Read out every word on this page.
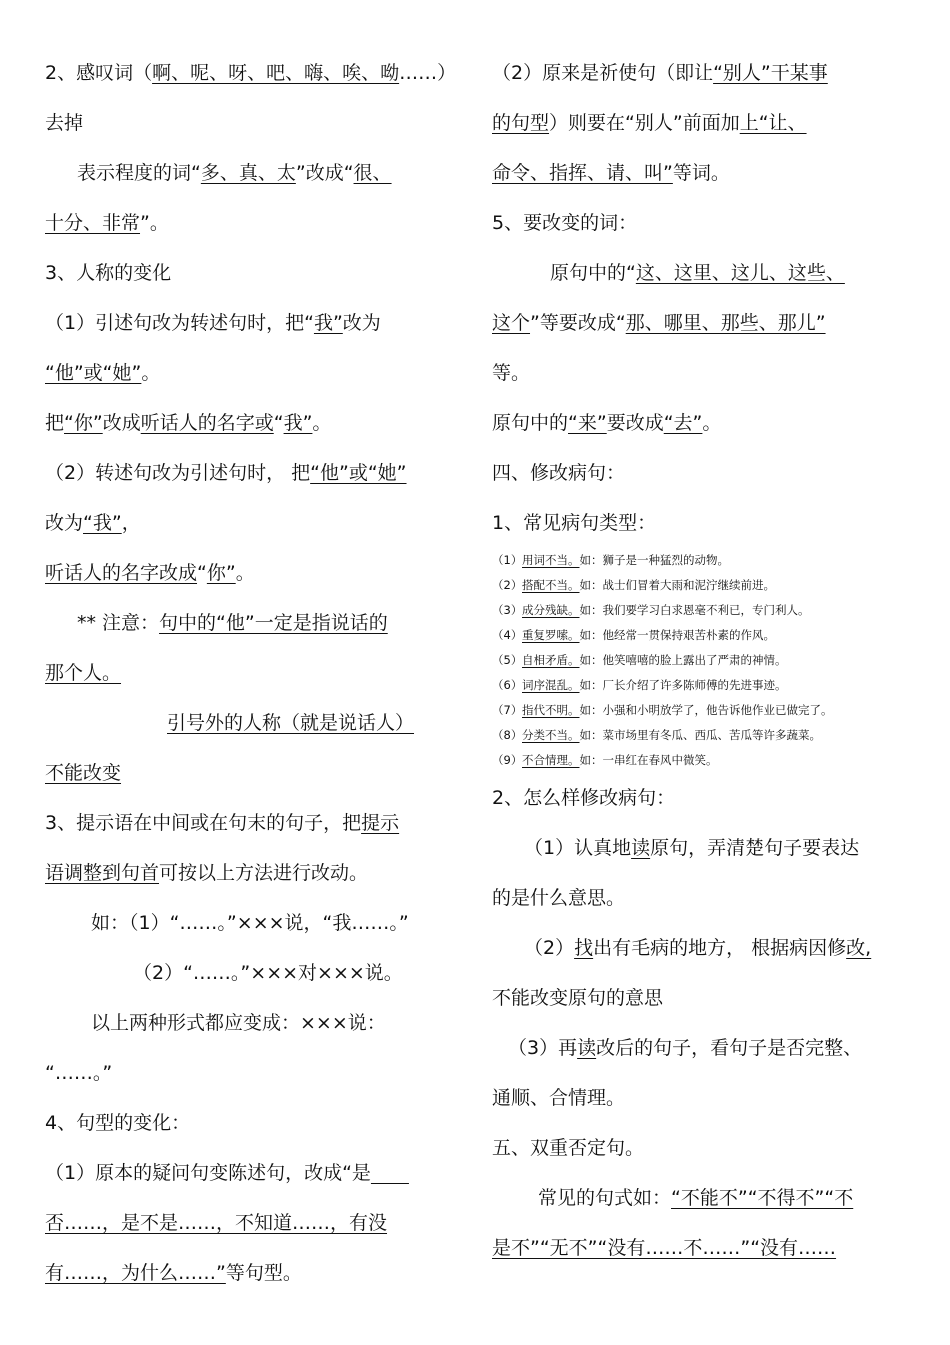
2、感叹词（啊、呢、呀、吧、嗨、唉、呦……）

去掉

表示程度的词“多、真、太”改成“很、

十分、非常”。

3、人称的变化

（1）引述句改为转述句时，把“我”改为

“他”或“她”。

把“你”改成听话人的名字或“我”。

（2）转述句改为引述句时， 把“他”或“她”

改为“我”，

听话人的名字改成“你”。

** 注意：句中的“他”一定是指说话的

那个人。

引号外的人称（就是说话人）

不能改变

3、提示语在中间或在句末的句子，把提示

语调整到句首可按以上方法进行改动。

如：（1）“……。”×××说，“我……。”

（2）“……。”×××对×××说。

以上两种形式都应变成：×××说：

“……。”

4、句型的变化：

（1）原本的疑问句变陈述句，改成“是  

否……，是不是……，不知道……，有没

有……，为什么……”等句型。

（2）原来是祈使句（即让“别人”干某事

的句型）则要在“别人”前面加上“让、

命令、指挥、请、叫”等词。

5、要改变的词：

原句中的“这、这里、这儿、这些、

这个”等要改成“那、哪里、那些、那儿”

等。

原句中的“来”要改成“去”。

四、修改病句：

1、常见病句类型：

（1）用词不当。如：狮子是一种猛烈的动物。

（2）搭配不当。如：战士们冒着大雨和泥泞继续前进。

（3）成分残缺。如：我们要学习白求恩毫不利已，专门利人。

（4）重复罗嗦。如：他经常一贯保持艰苦朴素的作风。

（5）自相矛盾。如：他笑嘻嘻的脸上露出了严肃的神情。

（6）词序混乱。如：厂长介绍了许多陈师傅的先进事迹。

（7）指代不明。如：小强和小明放学了，他告诉他作业已做完了。

（8）分类不当。如：菜市场里有冬瓜、西瓜、苦瓜等许多蔬菜。

（9）不合情理。如：一串红在春风中微笑。

2、怎么样修改病句：

（1）认真地读原句，弄清楚句子要表达

的是什么意思。

（2）找出有毛病的地方， 根据病因修改,

不能改变原句的意思

（3）再读改后的句子，看句子是否完整、

通顺、合情理。

五、双重否定句。

常见的句式如：“不能不”“不得不”“不

是不”“无不”“没有……不……”“没有……
